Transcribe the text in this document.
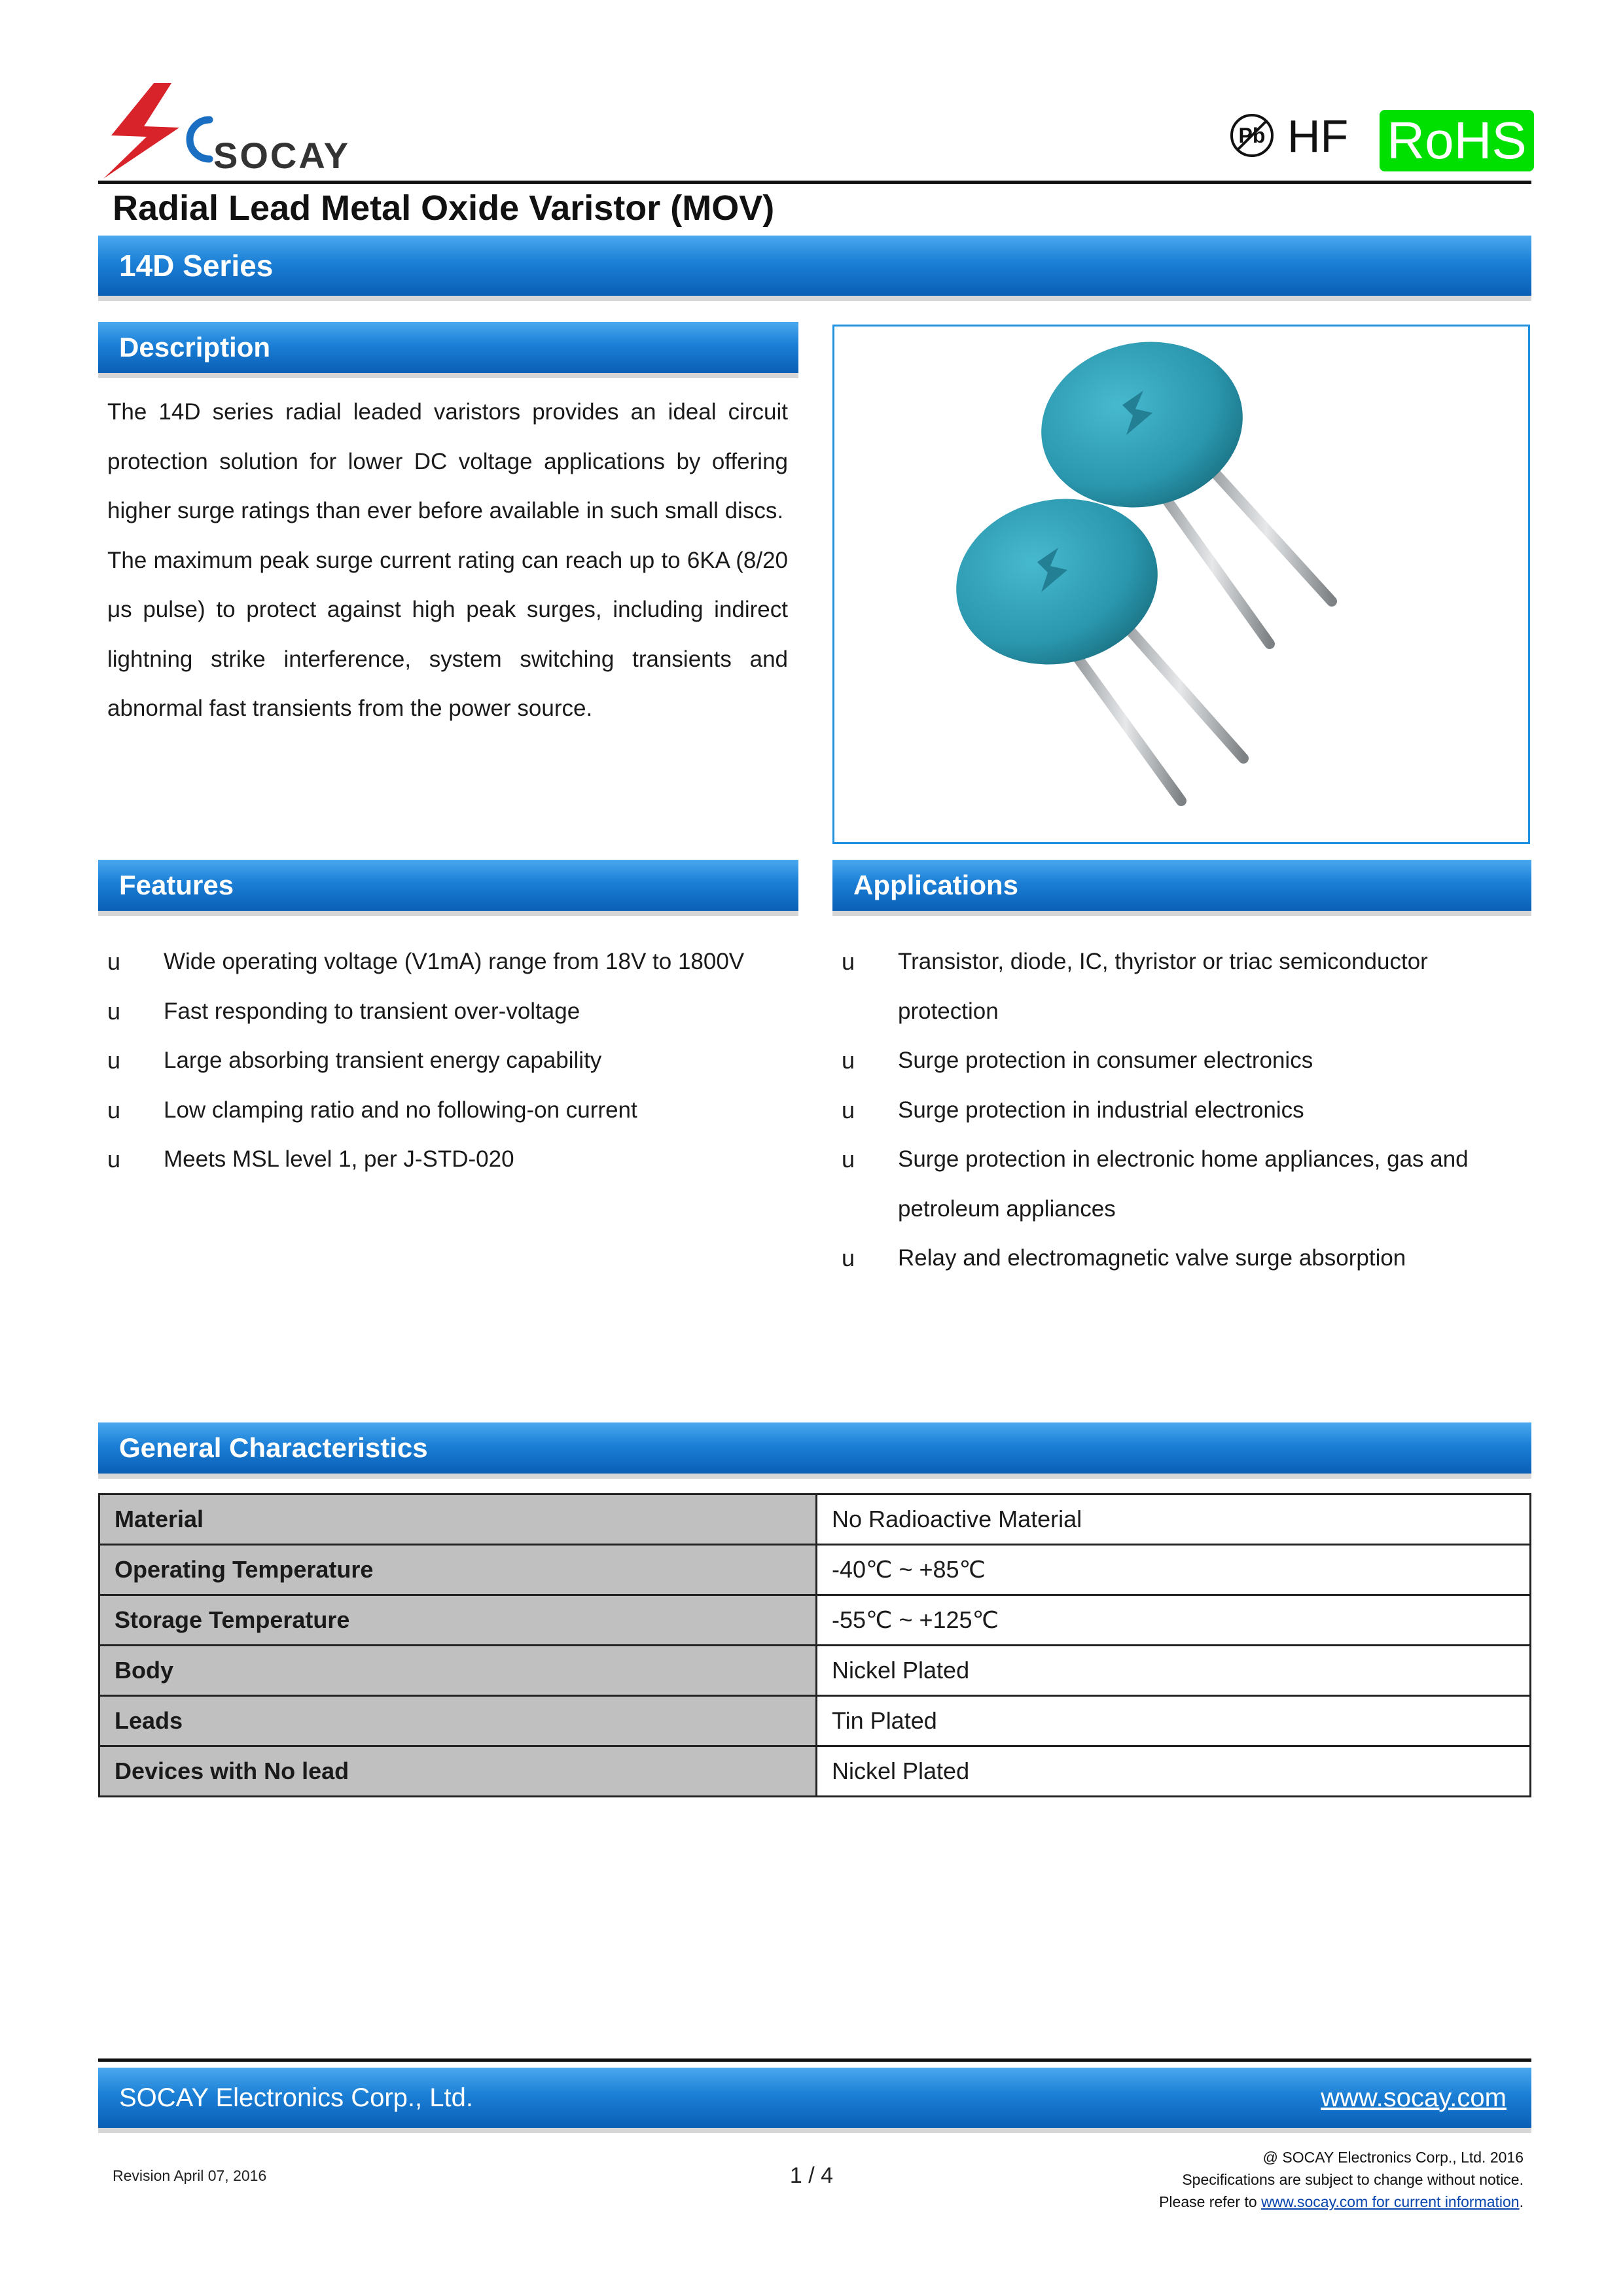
SOCAY	Pb HF RoHS
Radial Lead Metal Oxide Varistor (MOV)
14D Series
Description

The 14D series radial leaded varistors provides an ideal circuit protection solution for lower DC voltage applications by offering higher surge ratings than ever before available in such small discs.

The maximum peak surge current rating can reach up to 6KA (8/20 μs pulse) to protect against high peak surges, including indirect lightning strike interference, system switching transients and abnormal fast transients from the power source.

Features
u Wide operating voltage (V1mA) range from 18V to 1800V
u Fast responding to transient over-voltage
u Large absorbing transient energy capability
u Low clamping ratio and no following-on current
u Meets MSL level 1, per J-STD-020
Applications
u Transistor, diode, IC, thyristor or triac semiconductor protection
u Surge protection in consumer electronics
u Surge protection in industrial electronics
u Surge protection in electronic home appliances, gas and petroleum appliances
u Relay and electromagnetic valve surge absorption
General Characteristics
Material	No Radioactive Material
Operating Temperature	-40℃ ~ +85℃
Storage Temperature	-55℃ ~ +125℃
Body	Nickel Plated
Leads	Tin Plated
Devices with No lead	Nickel Plated
SOCAY Electronics Corp., Ltd.	www.socay.com
Revision April 07, 2016	1 / 4
@ SOCAY Electronics Corp., Ltd. 2016
Specifications are subject to change without notice.
Please refer to www.socay.com for current information.
